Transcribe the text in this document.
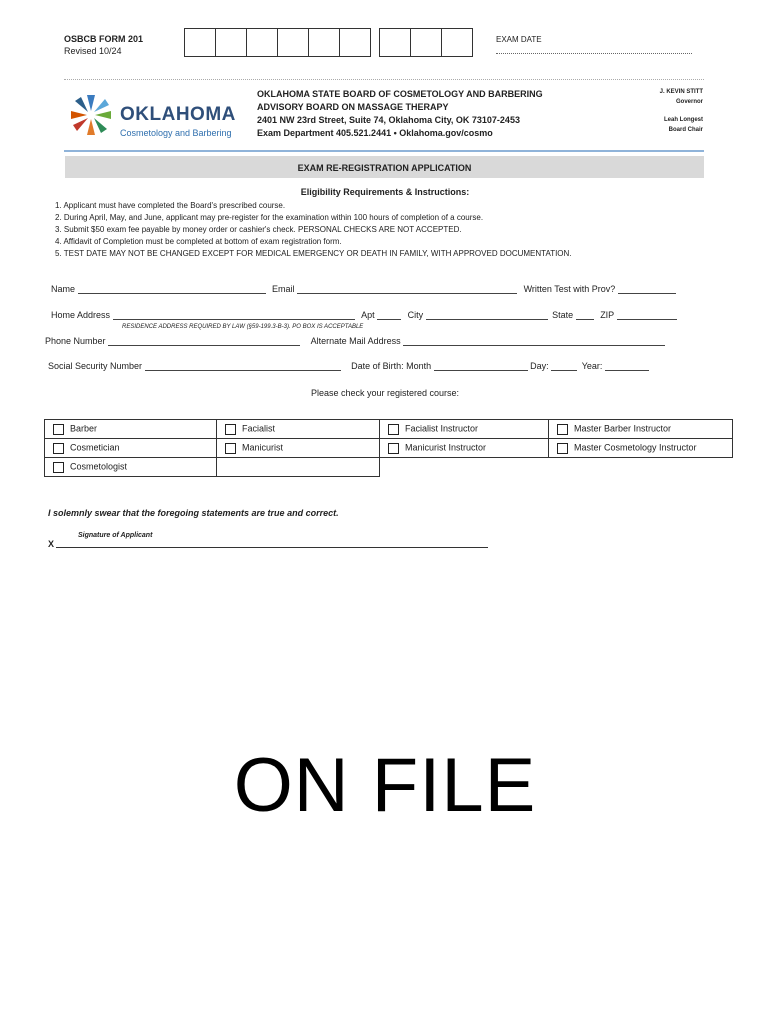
OSBCB FORM 201
Revised 10/24
EXAM DATE
OKLAHOMA
Cosmetology and Barbering
OKLAHOMA STATE BOARD OF COSMETOLOGY AND BARBERING
ADVISORY BOARD ON MASSAGE THERAPY
2401 NW 23rd Street, Suite 74, Oklahoma City, OK 73107-2453
Exam Department 405.521.2441 • Oklahoma.gov/cosmo
J. KEVIN STITT
Governor
Leah Longest
Board Chair
EXAM RE-REGISTRATION APPLICATION
Eligibility Requirements & Instructions:
1. Applicant must have completed the Board's prescribed course.
2. During April, May, and June, applicant may pre-register for the examination within 100 hours of completion of a course.
3. Submit $50 exam fee payable by money order or cashier's check. PERSONAL CHECKS ARE NOT ACCEPTED.
4. Affidavit of Completion must be completed at bottom of exam registration form.
5. TEST DATE MAY NOT BE CHANGED EXCEPT FOR MEDICAL EMERGENCY OR DEATH IN FAMILY, WITH APPROVED DOCUMENTATION.
Name	Email	Written Test with Prov?
Home Address	Apt	City	State	ZIP
RESIDENCE ADDRESS REQUIRED BY LAW (§59-199.3-B-3). PO BOX IS ACCEPTABLE
Phone Number	Alternate Mail Address
Social Security Number	Date of Birth: Month	Day:	Year:
Please check your registered course:
Barber	Facialist	Facialist Instructor	Master Barber Instructor
Cosmetician	Manicurist	Manicurist Instructor	Master Cosmetology Instructor
Cosmetologist			
I solemnly swear that the foregoing statements are true and correct.
Signature of Applicant
X
ON FILE
